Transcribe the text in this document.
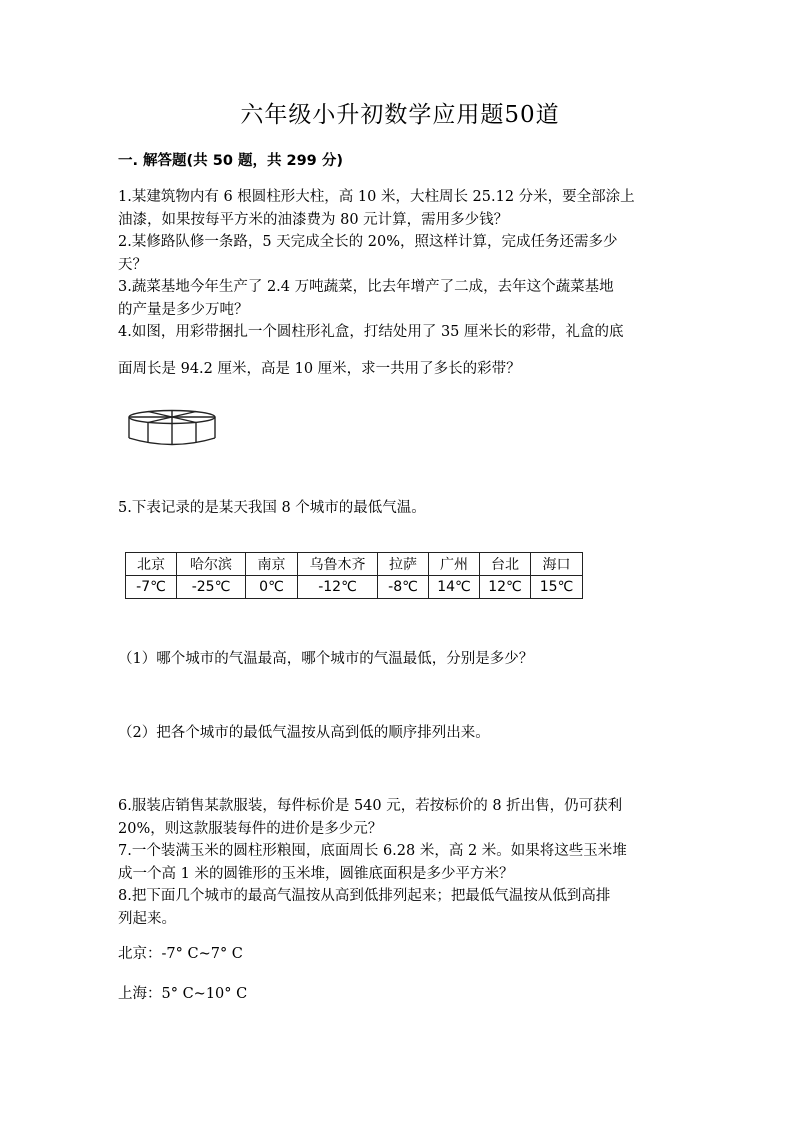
六年级小升初数学应用题50道
一. 解答题(共 50 题，共 299 分)
1.某建筑物内有 6 根圆柱形大柱，高 10 米，大柱周长 25.12 分米，要全部涂上
油漆，如果按每平方米的油漆费为 80 元计算，需用多少钱？
2.某修路队修一条路，5 天完成全长的 20%，照这样计算，完成任务还需多少
天？
3.蔬菜基地今年生产了 2.4 万吨蔬菜，比去年增产了二成，去年这个蔬菜基地
的产量是多少万吨？
4.如图，用彩带捆扎一个圆柱形礼盒，打结处用了 35 厘米长的彩带，礼盒的底
面周长是 94.2 厘米，高是 10 厘米，求一共用了多长的彩带？
5.下表记录的是某天我国 8 个城市的最低气温。
北京	哈尔滨	南京	乌鲁木齐	拉萨	广州	台北	海口
-7℃	-25℃	0℃	-12℃	-8℃	14℃	12℃	15℃
（1）哪个城市的气温最高，哪个城市的气温最低，分别是多少？
（2）把各个城市的最低气温按从高到低的顺序排列出来。
6.服装店销售某款服装，每件标价是 540 元，若按标价的 8 折出售，仍可获利
20%，则这款服装每件的进价是多少元？
7.一个装满玉米的圆柱形粮囤，底面周长 6.28 米，高 2 米。如果将这些玉米堆
成一个高 1 米的圆锥形的玉米堆，圆锥底面积是多少平方米？
8.把下面几个城市的最高气温按从高到低排列起来；把最低气温按从低到高排
列起来。
北京：-7° C~7° C
上海：5° C~10° C
